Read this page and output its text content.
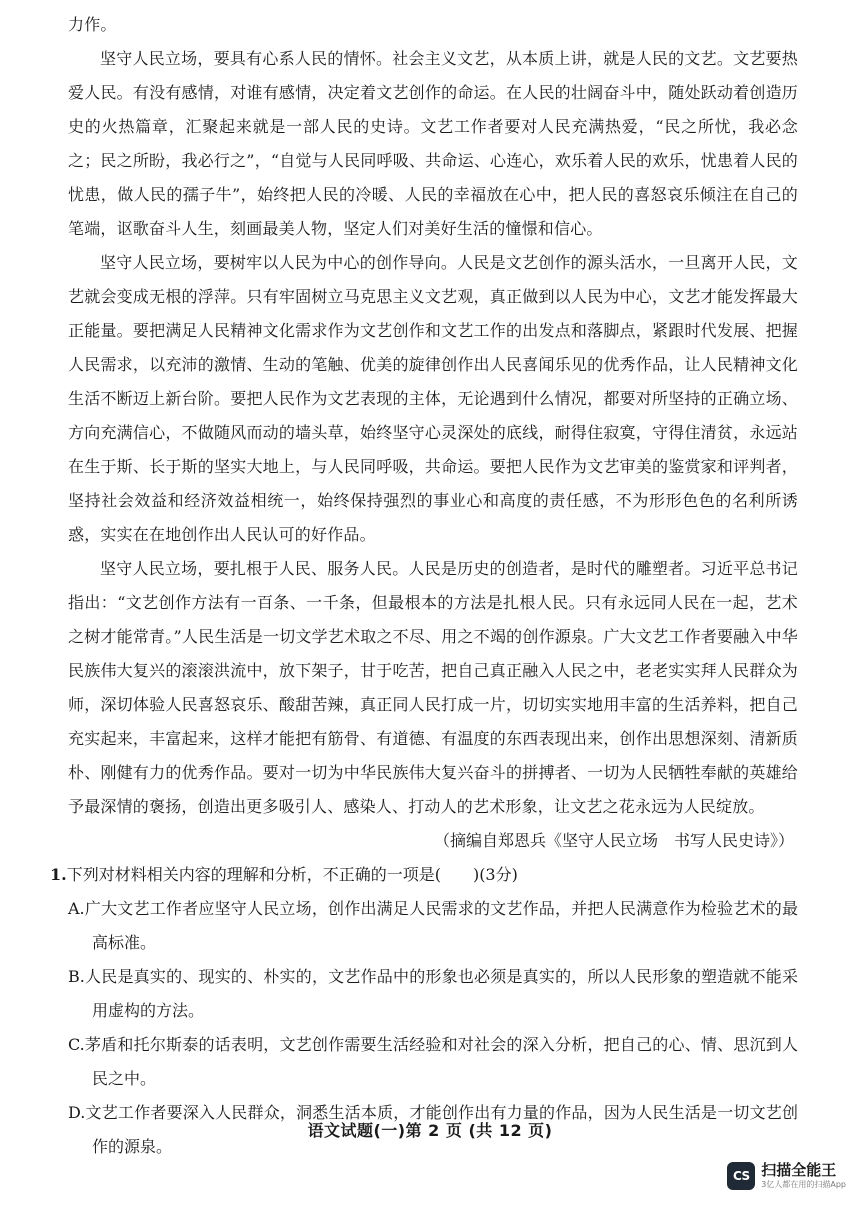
力作。

坚守人民立场，要具有心系人民的情怀。社会主义文艺，从本质上讲，就是人民的文艺。文艺要热爱人民。有没有感情，对谁有感情，决定着文艺创作的命运。在人民的壮阔奋斗中，随处跃动着创造历史的火热篇章，汇聚起来就是一部人民的史诗。文艺工作者要对人民充满热爱，“民之所忧，我必念之；民之所盼，我必行之”，“自觉与人民同呼吸、共命运、心连心，欢乐着人民的欢乐，忧患着人民的忧患，做人民的孺子牛”，始终把人民的冷暖、人民的幸福放在心中，把人民的喜怒哀乐倾注在自己的笔端，讴歌奋斗人生，刻画最美人物，坚定人们对美好生活的憧憬和信心。

坚守人民立场，要树牢以人民为中心的创作导向。人民是文艺创作的源头活水，一旦离开人民，文艺就会变成无根的浮萍。只有牢固树立马克思主义文艺观，真正做到以人民为中心，文艺才能发挥最大正能量。要把满足人民精神文化需求作为文艺创作和文艺工作的出发点和落脚点，紧跟时代发展、把握人民需求，以充沛的激情、生动的笔触、优美的旋律创作出人民喜闻乐见的优秀作品，让人民精神文化生活不断迈上新台阶。要把人民作为文艺表现的主体，无论遇到什么情况，都要对所坚持的正确立场、方向充满信心，不做随风而动的墙头草，始终坚守心灵深处的底线，耐得住寂寞，守得住清贫，永远站在生于斯、长于斯的坚实大地上，与人民同呼吸，共命运。要把人民作为文艺审美的鉴赏家和评判者，坚持社会效益和经济效益相统一，始终保持强烈的事业心和高度的责任感，不为形形色色的名利所诱惑，实实在在地创作出人民认可的好作品。

坚守人民立场，要扎根于人民、服务人民。人民是历史的创造者，是时代的雕塑者。习近平总书记指出：“文艺创作方法有一百条、一千条，但最根本的方法是扎根人民。只有永远同人民在一起，艺术之树才能常青。”人民生活是一切文学艺术取之不尽、用之不竭的创作源泉。广大文艺工作者要融入中华民族伟大复兴的滚滚洪流中，放下架子，甘于吃苦，把自己真正融入人民之中，老老实实拜人民群众为师，深切体验人民喜怒哀乐、酸甜苦辣，真正同人民打成一片，切切实实地用丰富的生活养料，把自己充实起来，丰富起来，这样才能把有筋骨、有道德、有温度的东西表现出来，创作出思想深刻、清新质朴、刚健有力的优秀作品。要对一切为中华民族伟大复兴奋斗的拼搏者、一切为人民牺牲奉献的英雄给予最深情的褒扬，创造出更多吸引人、感染人、打动人的艺术形象，让文艺之花永远为人民绽放。

（摘编自郑恩兵《坚守人民立场　书写人民史诗》）

1.下列对材料相关内容的理解和分析，不正确的一项是(　　)(3分)

A.广大文艺工作者应坚守人民立场，创作出满足人民需求的文艺作品，并把人民满意作为检验艺术的最高标准。

B.人民是真实的、现实的、朴实的，文艺作品中的形象也必须是真实的，所以人民形象的塑造就不能采用虚构的方法。

C.茅盾和托尔斯泰的话表明，文艺创作需要生活经验和对社会的深入分析，把自己的心、情、思沉到人民之中。

D.文艺工作者要深入人民群众，洞悉生活本质，才能创作出有力量的作品，因为人民生活是一切文艺创作的源泉。

语文试题(一)第 2 页 (共 12 页)
CS 扫描全能王
3亿人都在用的扫描App
